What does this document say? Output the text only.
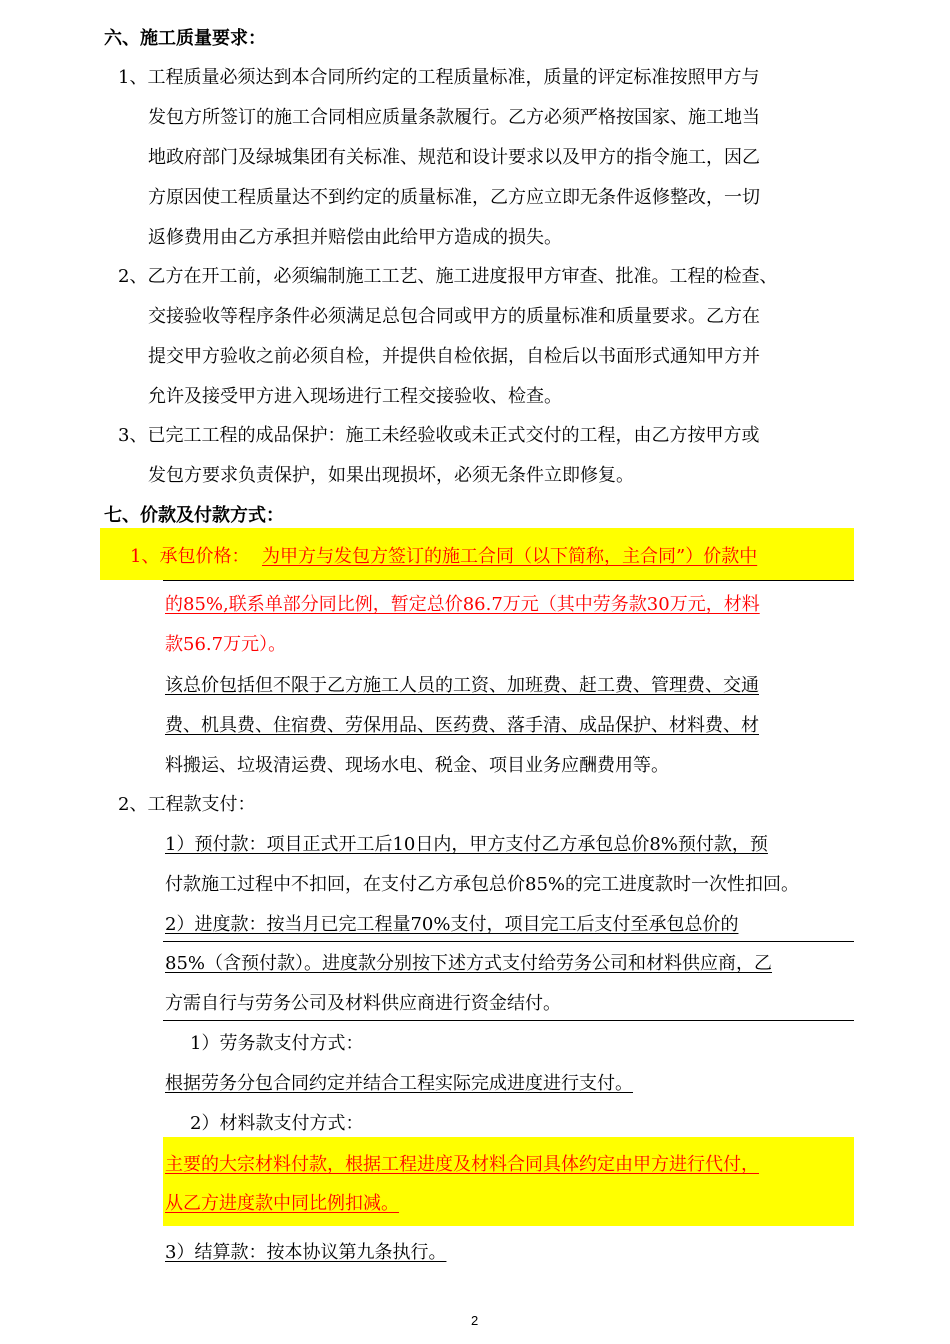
六、施工质量要求：
1、工程质量必须达到本合同所约定的工程质量标准，质量的评定标准按照甲方与
发包方所签订的施工合同相应质量条款履行。乙方必须严格按国家、施工地当
地政府部门及绿城集团有关标准、规范和设计要求以及甲方的指令施工，因乙
方原因使工程质量达不到约定的质量标准，乙方应立即无条件返修整改，一切
返修费用由乙方承担并赔偿由此给甲方造成的损失。
2、乙方在开工前，必须编制施工工艺、施工进度报甲方审查、批准。工程的检查、
交接验收等程序条件必须满足总包合同或甲方的质量标准和质量要求。乙方在
提交甲方验收之前必须自检，并提供自检依据，自检后以书面形式通知甲方并
允许及接受甲方进入现场进行工程交接验收、检查。
3、已完工工程的成品保护：施工未经验收或未正式交付的工程，由乙方按甲方或
发包方要求负责保护，如果出现损坏，必须无条件立即修复。
七、价款及付款方式：
1、承包价格： 为甲方与发包方签订的施工合同（以下简称，主合同”）价款中
的85%,联系单部分同比例，暂定总价86.7万元（其中劳务款30万元，材料
款56.7万元）。
该总价包括但不限于乙方施工人员的工资、加班费、赶工费、管理费、交通
费、机具费、住宿费、劳保用品、医药费、落手清、成品保护、材料费、材
料搬运、垃圾清运费、现场水电、税金、项目业务应酬费用等。
2、工程款支付：
1）预付款：项目正式开工后10日内，甲方支付乙方承包总价8%预付款，预
付款施工过程中不扣回，在支付乙方承包总价85%的完工进度款时一次性扣回。
2）进度款：按当月已完工程量70%支付，项目完工后支付至承包总价的
85%（含预付款）。进度款分别按下述方式支付给劳务公司和材料供应商，乙
方需自行与劳务公司及材料供应商进行资金结付。
1）劳务款支付方式：
根据劳务分包合同约定并结合工程实际完成进度进行支付。
2）材料款支付方式：
主要的大宗材料付款，根据工程进度及材料合同具体约定由甲方进行代付，
从乙方进度款中同比例扣减。
3）结算款：按本协议第九条执行。
2
